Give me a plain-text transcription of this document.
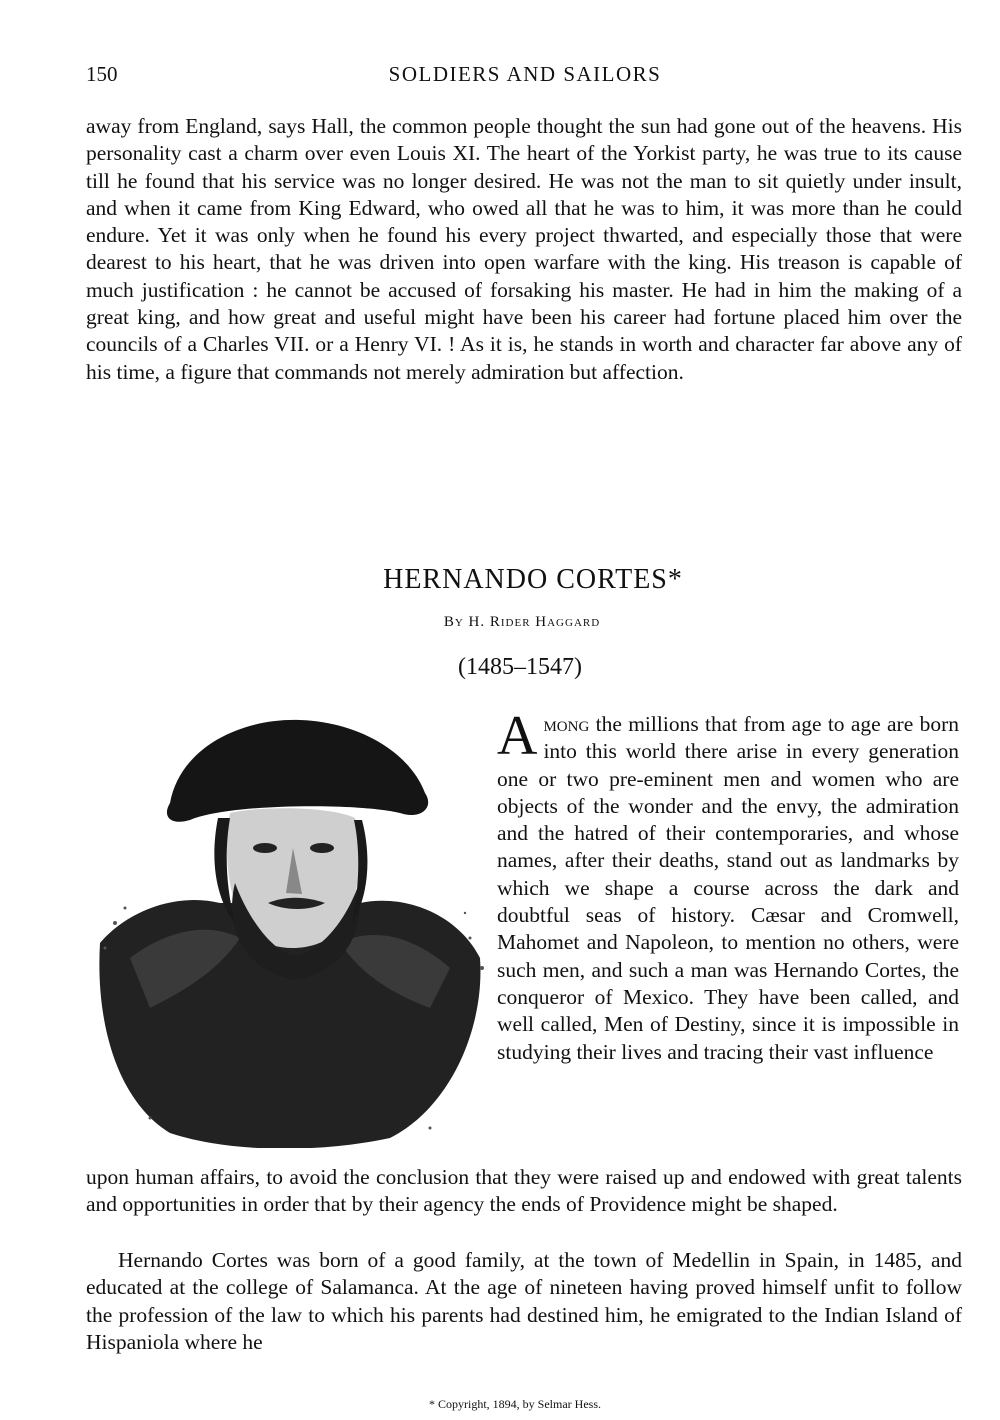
150	SOLDIERS AND SAILORS

away from England, says Hall, the common people thought the sun had gone out of the heavens. His personality cast a charm over even Louis XI. The heart of the Yorkist party, he was true to its cause till he found that his service was no longer desired. He was not the man to sit quietly under insult, and when it came from King Edward, who owed all that he was to him, it was more than he could endure. Yet it was only when he found his every project thwarted, and especially those that were dearest to his heart, that he was driven into open warfare with the king. His treason is capable of much justification : he cannot be accused of forsaking his master. He had in him the making of a great king, and how great and useful might have been his career had fortune placed him over the councils of a Charles VII. or a Henry VI. ! As it is, he stands in worth and character far above any of his time, a figure that commands not merely admiration but affection.

HERNANDO CORTES*
By H. Rider Haggard
(1485–1547)

Among the millions that from age to age are born into this world there arise in every generation one or two pre-eminent men and women who are objects of the wonder and the envy, the admiration and the hatred of their contemporaries, and whose names, after their deaths, stand out as landmarks by which we shape a course across the dark and doubtful seas of history. Cæsar and Cromwell, Mahomet and Napoleon, to mention no others, were such men, and such a man was Hernando Cortes, the conqueror of Mexico. They have been called, and well called, Men of Destiny, since it is impossible in studying their lives and tracing their vast influence

upon human affairs, to avoid the conclusion that they were raised up and endowed with great talents and opportunities in order that by their agency the ends of Providence might be shaped.

Hernando Cortes was born of a good family, at the town of Medellin in Spain, in 1485, and educated at the college of Salamanca. At the age of nineteen having proved himself unfit to follow the profession of the law to which his parents had destined him, he emigrated to the Indian Island of Hispaniola where he

* Copyright, 1894, by Selmar Hess.
